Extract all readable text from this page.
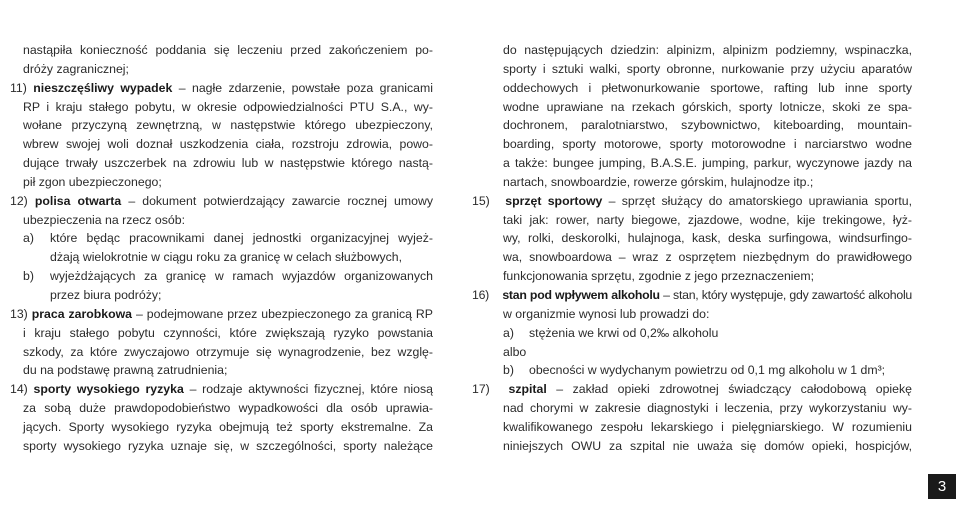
nastąpiła konieczność poddania się leczeniu przed zakończeniem po-
dróży zagranicznej;
11) nieszczęśliwy wypadek – nagłe zdarzenie, powstałe poza granicami
RP i kraju stałego pobytu, w okresie odpowiedzialności PTU S.A., wy-
wołane przyczyną zewnętrzną, w następstwie którego ubezpieczony,
wbrew swojej woli doznał uszkodzenia ciała, rozstroju zdrowia, powo-
dujące trwały uszczerbek na zdrowiu lub w następstwie którego nastą-
pił zgon ubezpieczonego;
12) polisa otwarta – dokument potwierdzający zawarcie rocznej umowy
ubezpieczenia na rzecz osób:
a) które będąc pracownikami danej jednostki organizacyjnej wyjeż-
dżają wielokrotnie w ciągu roku za granicę w celach służbowych,
b) wyjeżdżających za granicę w ramach wyjazdów organizowanych
przez biura podróży;
13) praca zarobkowa – podejmowane przez ubezpieczonego za granicą RP
i kraju stałego pobytu czynności, które zwiększają ryzyko powstania
szkody, za które zwyczajowo otrzymuje się wynagrodzenie, bez wzglę-
du na podstawę prawną zatrudnienia;
14) sporty wysokiego ryzyka – rodzaje aktywności fizycznej, które niosą
za sobą duże prawdopodobieństwo wypadkowości dla osób uprawia-
jących. Sporty wysokiego ryzyka obejmują też sporty ekstremalne. Za
sporty wysokiego ryzyka uznaje się, w szczególności, sporty należące
do następujących dziedzin: alpinizm, alpinizm podziemny, wspinaczka,
sporty i sztuki walki, sporty obronne, nurkowanie przy użyciu aparatów
oddechowych i płetwonurkowanie sportowe, rafting lub inne sporty
wodne uprawiane na rzekach górskich, sporty lotnicze, skoki ze spa-
dochronem, paralotniarstwo, szybownictwo, kiteboarding, mountain-
boarding, sporty motorowe, sporty motorowodne i narciarstwo wodne
a także: bungee jumping, B.A.S.E. jumping, parkur, wyczynowe jazdy na
nartach, snowboardzie, rowerze górskim, hulajnodze itp.;
15) sprzęt sportowy – sprzęt służący do amatorskiego uprawiania sportu,
taki jak: rower, narty biegowe, zjazdowe, wodne, kije trekingowe, łyż-
wy, rolki, deskorolki, hulajnoga, kask, deska surfingowa, windsurfingo-
wa, snowboardowa – wraz z osprzętem niezbędnym do prawidłowego
funkcjonowania sprzętu, zgodnie z jego przeznaczeniem;
16) stan pod wpływem alkoholu – stan, który występuje, gdy zawartość alkoholu
w organizmie wynosi lub prowadzi do:
a) stężenia we krwi od 0,2‰ alkoholu
albo
b) obecności w wydychanym powietrzu od 0,1 mg alkoholu w 1 dm³;
17) szpital – zakład opieki zdrowotnej świadczący całodobową opiekę
nad chorymi w zakresie diagnostyki i leczenia, przy wykorzystaniu wy-
kwalifikowanego zespołu lekarskiego i pielęgniarskiego. W rozumieniu
niniejszych OWU za szpital nie uważa się domów opieki, hospicjów,
3
